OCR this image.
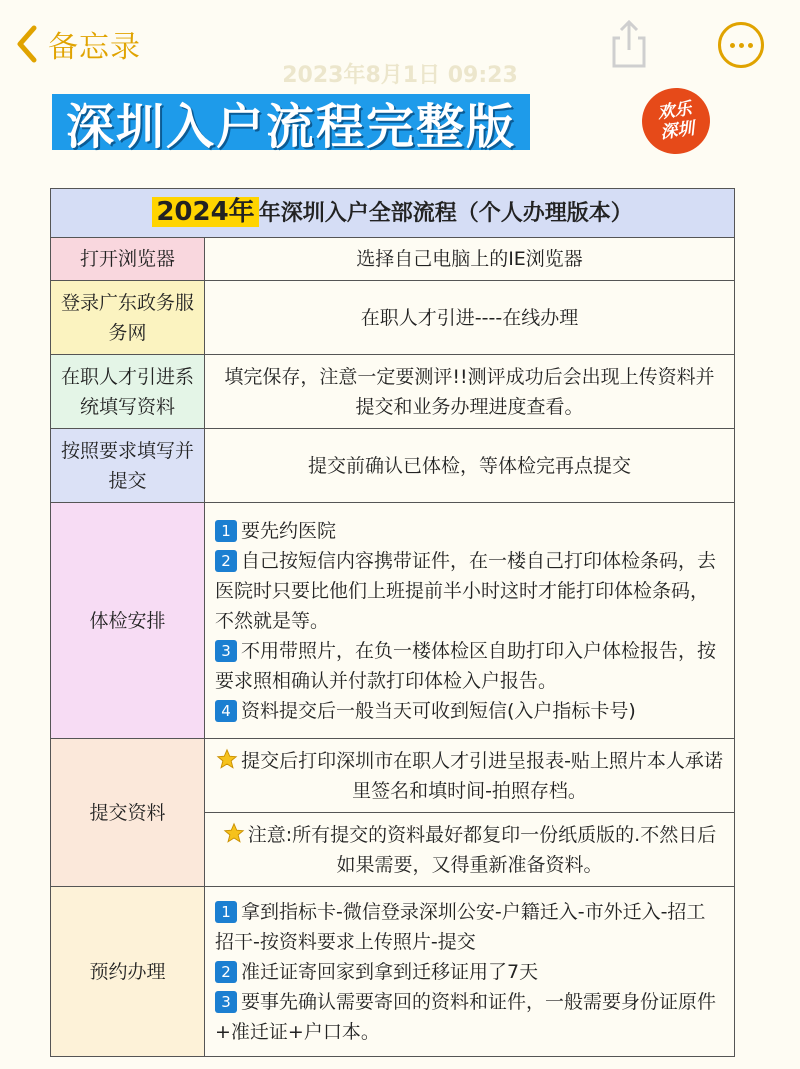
备忘录
2023年8月1日 09:23
深圳入户流程完整版	欢乐
深圳
2024年 年深圳入户全部流程（个人办理版本）	
打开浏览器	选择自己电脑上的IE浏览器
登录广东政务服务网	在职人才引进----在线办理
在职人才引进系统填写资料	填完保存，注意一定要测评!!测评成功后会出现上传资料并提交和业务办理进度查看。
按照要求填写并提交	提交前确认已体检，等体检完再点提交
体检安排	1 要先约医院
2 自己按短信内容携带证件，在一楼自己打印体检条码，去医院时只要比他们上班提前半小时这时才能打印体检条码，不然就是等。
3 不用带照片，在负一楼体检区自助打印入户体检报告，按要求照相确认并付款打印体检入户报告。
4 资料提交后一般当天可收到短信(入户指标卡号)

提交资料	提交后打印深圳市在职人才引进呈报表-贴上照片本人承诺里签名和填时间-拍照存档。
	注意:所有提交的资料最好都复印一份纸质版的.不然日后如果需要，又得重新准备资料。
预约办理	1 拿到指标卡-微信登录深圳公安-户籍迁入-市外迁入-招工招干-按资料要求上传照片-提交
2 准迁证寄回家到拿到迁移证用了7天
3 要事先确认需要寄回的资料和证件，一般需要身份证原件 +准迁证+户口本。
